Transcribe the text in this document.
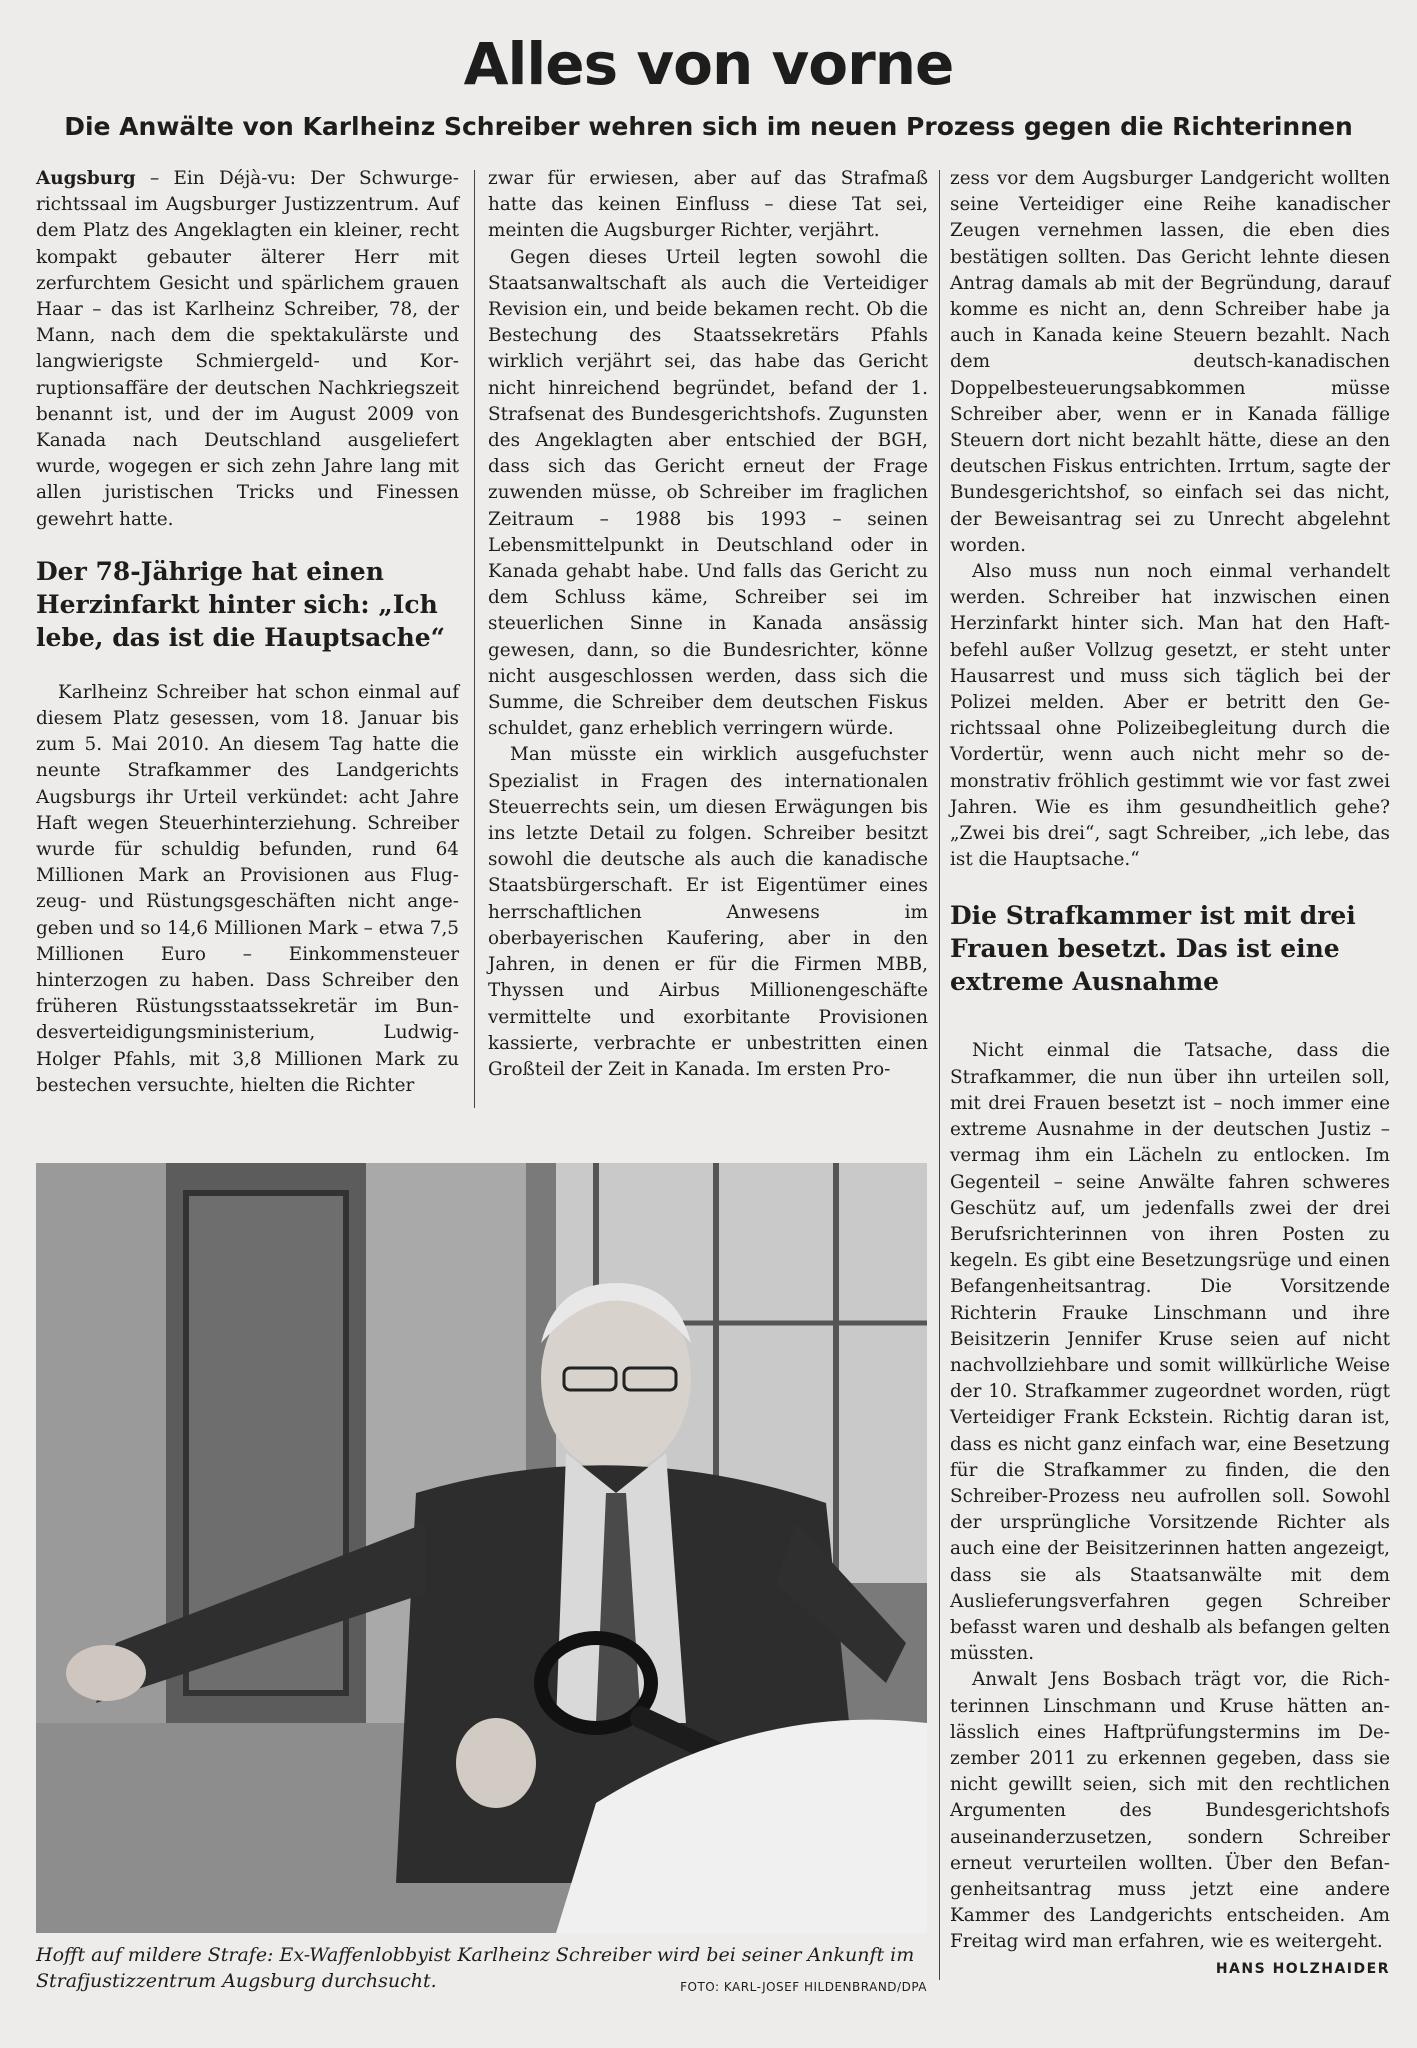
Alles von vorne
Die Anwälte von Karlheinz Schreiber wehren sich im neuen Prozess gegen die Richterinnen

Augsburg – Ein Déjà-vu: Der Schwurgerichtssaal im Augsburger Justizzentrum. Auf dem Platz des Angeklagten ein kleiner, recht kompakt gebauter älterer Herr mit zerfurchtem Gesicht und spärlichem grauen Haar – das ist Karlheinz Schreiber, 78, der Mann, nach dem die spektakulärste und langwierigste Schmiergeld- und Korruptionsaffäre der deutschen Nachkriegszeit benannt ist, und der im August 2009 von Kanada nach Deutschland ausgeliefert wurde, wogegen er sich zehn Jahre lang mit allen juristischen Tricks und Finessen gewehrt hatte.

Der 78-Jährige hat einen Herzinfarkt hinter sich: „Ich lebe, das ist die Hauptsache“

Karlheinz Schreiber hat schon einmal auf diesem Platz gesessen, vom 18. Januar bis zum 5. Mai 2010. An diesem Tag hatte die neunte Strafkammer des Landgerichts Augsburgs ihr Urteil verkündet: acht Jahre Haft wegen Steuerhinterziehung. Schreiber wurde für schuldig befunden, rund 64 Millionen Mark an Provisionen aus Flugzeug- und Rüstungsgeschäften nicht angegeben und so 14,6 Millionen Mark – etwa 7,5 Millionen Euro – Einkommensteuer hinterzogen zu haben. Dass Schreiber den früheren Rüstungsstaatssekretär im Bundesverteidigungsministerium, Ludwig-Holger Pfahls, mit 3,8 Millionen Mark zu bestechen versuchte, hielten die Richter

zwar für erwiesen, aber auf das Strafmaß hatte das keinen Einfluss – diese Tat sei, meinten die Augsburger Richter, verjährt.

Gegen dieses Urteil legten sowohl die Staatsanwaltschaft als auch die Verteidiger Revision ein, und beide bekamen recht. Ob die Bestechung des Staatssekretärs Pfahls wirklich verjährt sei, das habe das Gericht nicht hinreichend begründet, befand der 1. Strafsenat des Bundesgerichtshofs. Zugunsten des Angeklagten aber entschied der BGH, dass sich das Gericht erneut der Frage zuwenden müsse, ob Schreiber im fraglichen Zeitraum – 1988 bis 1993 – seinen Lebensmittelpunkt in Deutschland oder in Kanada gehabt habe. Und falls das Gericht zu dem Schluss käme, Schreiber sei im steuerlichen Sinne in Kanada ansässig gewesen, dann, so die Bundesrichter, könne nicht ausgeschlossen werden, dass sich die Summe, die Schreiber dem deutschen Fiskus schuldet, ganz erheblich verringern würde.

Man müsste ein wirklich ausgefuchster Spezialist in Fragen des internationalen Steuerrechts sein, um diesen Erwägungen bis ins letzte Detail zu folgen. Schreiber besitzt sowohl die deutsche als auch die kanadische Staatsbürgerschaft. Er ist Eigentümer eines herrschaftlichen Anwesens im oberbayerischen Kaufering, aber in den Jahren, in denen er für die Firmen MBB, Thyssen und Airbus Millionengeschäfte vermittelte und exorbitante Provisionen kassierte, verbrachte er unbestritten einen Großteil der Zeit in Kanada. Im ersten Pro-

zess vor dem Augsburger Landgericht wollten seine Verteidiger eine Reihe kanadischer Zeugen vernehmen lassen, die eben dies bestätigen sollten. Das Gericht lehnte diesen Antrag damals ab mit der Begründung, darauf komme es nicht an, denn Schreiber habe ja auch in Kanada keine Steuern bezahlt. Nach dem deutsch-kanadischen Doppelbesteuerungsabkommen müsse Schreiber aber, wenn er in Kanada fällige Steuern dort nicht bezahlt hätte, diese an den deutschen Fiskus entrichten. Irrtum, sagte der Bundesgerichtshof, so einfach sei das nicht, der Beweisantrag sei zu Unrecht abgelehnt worden.

Also muss nun noch einmal verhandelt werden. Schreiber hat inzwischen einen Herzinfarkt hinter sich. Man hat den Haftbefehl außer Vollzug gesetzt, er steht unter Hausarrest und muss sich täglich bei der Polizei melden. Aber er betritt den Gerichtssaal ohne Polizeibegleitung durch die Vordertür, wenn auch nicht mehr so demonstrativ fröhlich gestimmt wie vor fast zwei Jahren. Wie es ihm gesundheitlich gehe? „Zwei bis drei“, sagt Schreiber, „ich lebe, das ist die Hauptsache.“

Die Strafkammer ist mit drei Frauen besetzt. Das ist eine extreme Ausnahme

Nicht einmal die Tatsache, dass die Strafkammer, die nun über ihn urteilen soll, mit drei Frauen besetzt ist – noch immer eine extreme Ausnahme in der deutschen Justiz – vermag ihm ein Lächeln zu entlocken. Im Gegenteil – seine Anwälte fahren schweres Geschütz auf, um jedenfalls zwei der drei Berufsrichterinnen von ihren Posten zu kegeln. Es gibt eine Besetzungsrüge und einen Befangenheitsantrag. Die Vorsitzende Richterin Frauke Linschmann und ihre Beisitzerin Jennifer Kruse seien auf nicht nachvollziehbare und somit willkürliche Weise der 10. Strafkammer zugeordnet worden, rügt Verteidiger Frank Eckstein. Richtig daran ist, dass es nicht ganz einfach war, eine Besetzung für die Strafkammer zu finden, die den Schreiber-Prozess neu aufrollen soll. Sowohl der ursprüngliche Vorsitzende Richter als auch eine der Beisitzerinnen hatten angezeigt, dass sie als Staatsanwälte mit dem Auslieferungsverfahren gegen Schreiber befasst waren und deshalb als befangen gelten müssten.

Anwalt Jens Bosbach trägt vor, die Richterinnen Linschmann und Kruse hätten anlässlich eines Haftprüfungstermins im Dezember 2011 zu erkennen gegeben, dass sie nicht gewillt seien, sich mit den rechtlichen Argumenten des Bundesgerichtshofs auseinanderzusetzen, sondern Schreiber erneut verurteilen wollten. Über den Befangenheitsantrag muss jetzt eine andere Kammer des Landgerichts entscheiden. Am Freitag wird man erfahren, wie es weitergeht.
HANS HOLZHAIDER

Hofft auf mildere Strafe: Ex-Waffenlobbyist Karlheinz Schreiber wird bei seiner Ankunft im Strafjustizzentrum Augsburg durchsucht.	FOTO: KARL-JOSEF HILDENBRAND/DPA
